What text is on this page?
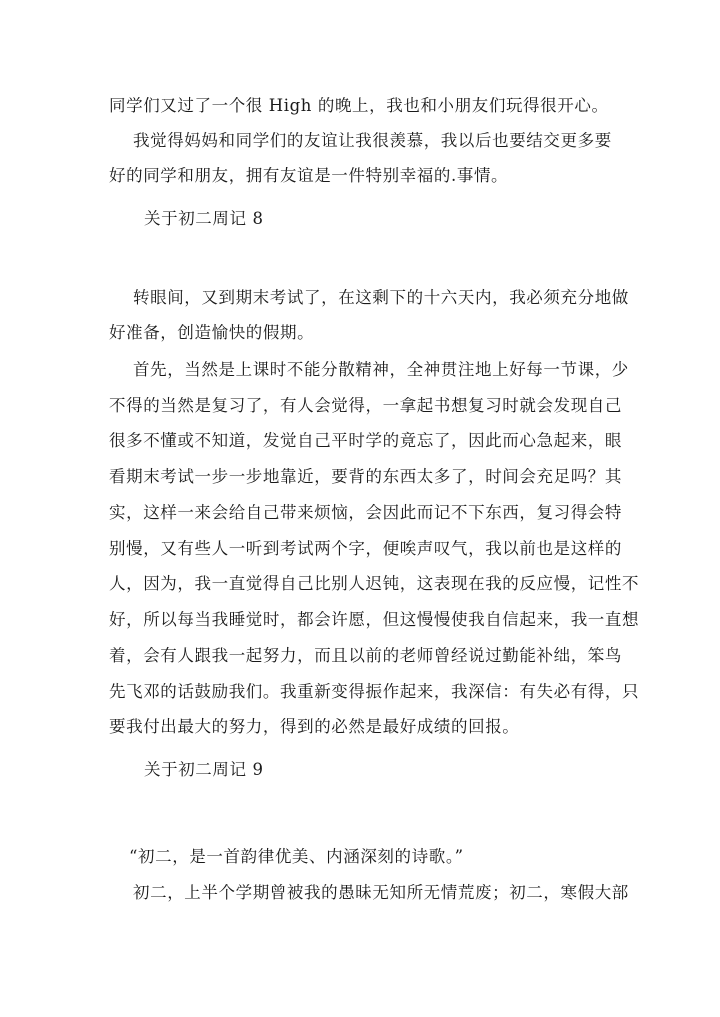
同学们又过了一个很 High 的晚上，我也和小朋友们玩得很开心。
我觉得妈妈和同学们的友谊让我很羡慕，我以后也要结交更多要
好的同学和朋友，拥有友谊是一件特别幸福的.事情。
关于初二周记 8
转眼间，又到期末考试了，在这剩下的十六天内，我必须充分地做
好准备，创造愉快的假期。
首先，当然是上课时不能分散精神，全神贯注地上好每一节课，少
不得的当然是复习了，有人会觉得，一拿起书想复习时就会发现自己
很多不懂或不知道，发觉自己平时学的竟忘了，因此而心急起来，眼
看期末考试一步一步地靠近，要背的东西太多了，时间会充足吗？其
实，这样一来会给自己带来烦恼，会因此而记不下东西，复习得会特
别慢，又有些人一听到考试两个字，便唉声叹气，我以前也是这样的
人，因为，我一直觉得自己比别人迟钝，这表现在我的反应慢，记性不
好，所以每当我睡觉时，都会许愿，但这慢慢使我自信起来，我一直想
着，会有人跟我一起努力，而且以前的老师曾经说过勤能补绌，笨鸟
先飞邓的话鼓励我们。我重新变得振作起来，我深信：有失必有得，只
要我付出最大的努力，得到的必然是最好成绩的回报。
关于初二周记 9
“初二，是一首韵律优美、内涵深刻的诗歌。”
初二，上半个学期曾被我的愚昧无知所无情荒废；初二，寒假大部
